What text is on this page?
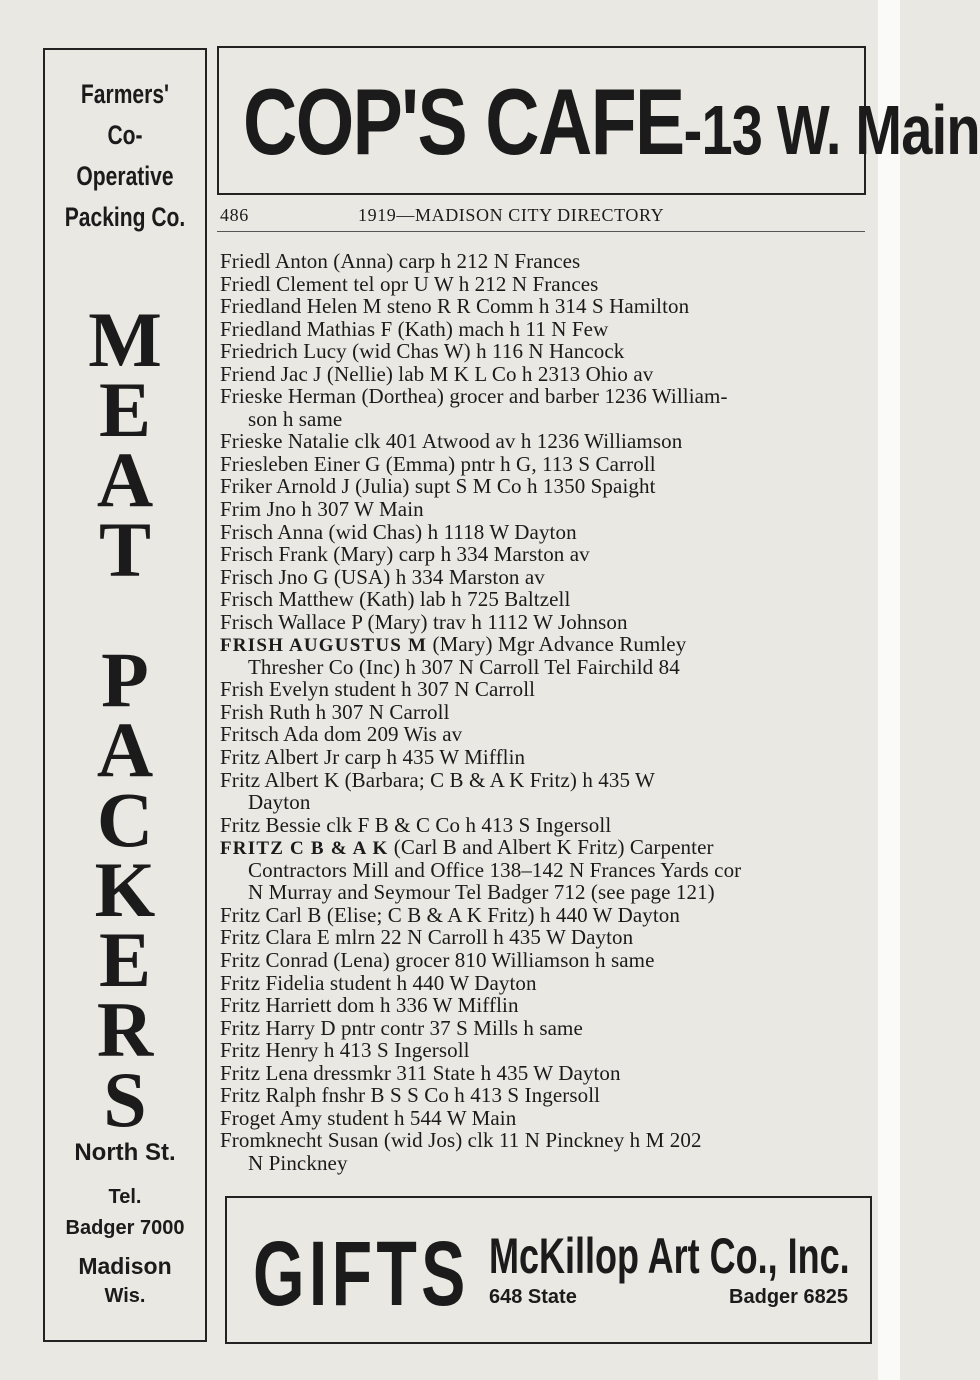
Farmers'
Co-Operative
Packing Co.
M
E
A
T
P
A
C
K
E
R
S
North St.
Tel.
Badger 7000
Madison
Wis.
COP'S CAFE-13 W. Main
486	1919—MADISON CITY DIRECTORY
Friedl Anton (Anna) carp h 212 N Frances
Friedl Clement tel opr U W h 212 N Frances
Friedland Helen M steno R R Comm h 314 S Hamilton
Friedland Mathias F (Kath) mach h 11 N Few
Friedrich Lucy (wid Chas W) h 116 N Hancock
Friend Jac J (Nellie) lab M K L Co h 2313 Ohio av
Frieske Herman (Dorthea) grocer and barber 1236 William-
son h same
Frieske Natalie clk 401 Atwood av h 1236 Williamson
Friesleben Einer G (Emma) pntr h G, 113 S Carroll
Friker Arnold J (Julia) supt S M Co h 1350 Spaight
Frim Jno h 307 W Main
Frisch Anna (wid Chas) h 1118 W Dayton
Frisch Frank (Mary) carp h 334 Marston av
Frisch Jno G (USA) h 334 Marston av
Frisch Matthew (Kath) lab h 725 Baltzell
Frisch Wallace P (Mary) trav h 1112 W Johnson
FRISH AUGUSTUS M (Mary) Mgr Advance Rumley
Thresher Co (Inc) h 307 N Carroll Tel Fairchild 84
Frish Evelyn student h 307 N Carroll
Frish Ruth h 307 N Carroll
Fritsch Ada dom 209 Wis av
Fritz Albert Jr carp h 435 W Mifflin
Fritz Albert K (Barbara; C B & A K Fritz) h 435 W
Dayton
Fritz Bessie clk F B & C Co h 413 S Ingersoll
FRITZ C B & A K (Carl B and Albert K Fritz) Carpenter
Contractors Mill and Office 138–142 N Frances Yards cor
N Murray and Seymour Tel Badger 712 (see page 121)
Fritz Carl B (Elise; C B & A K Fritz) h 440 W Dayton
Fritz Clara E mlrn 22 N Carroll h 435 W Dayton
Fritz Conrad (Lena) grocer 810 Williamson h same
Fritz Fidelia student h 440 W Dayton
Fritz Harriett dom h 336 W Mifflin
Fritz Harry D pntr contr 37 S Mills h same
Fritz Henry h 413 S Ingersoll
Fritz Lena dressmkr 311 State h 435 W Dayton
Fritz Ralph fnshr B S S Co h 413 S Ingersoll
Froget Amy student h 544 W Main
Fromknecht Susan (wid Jos) clk 11 N Pinckney h M 202
N Pinckney
GIFTS McKillop Art Co., Inc.
648 State	Badger 6825
